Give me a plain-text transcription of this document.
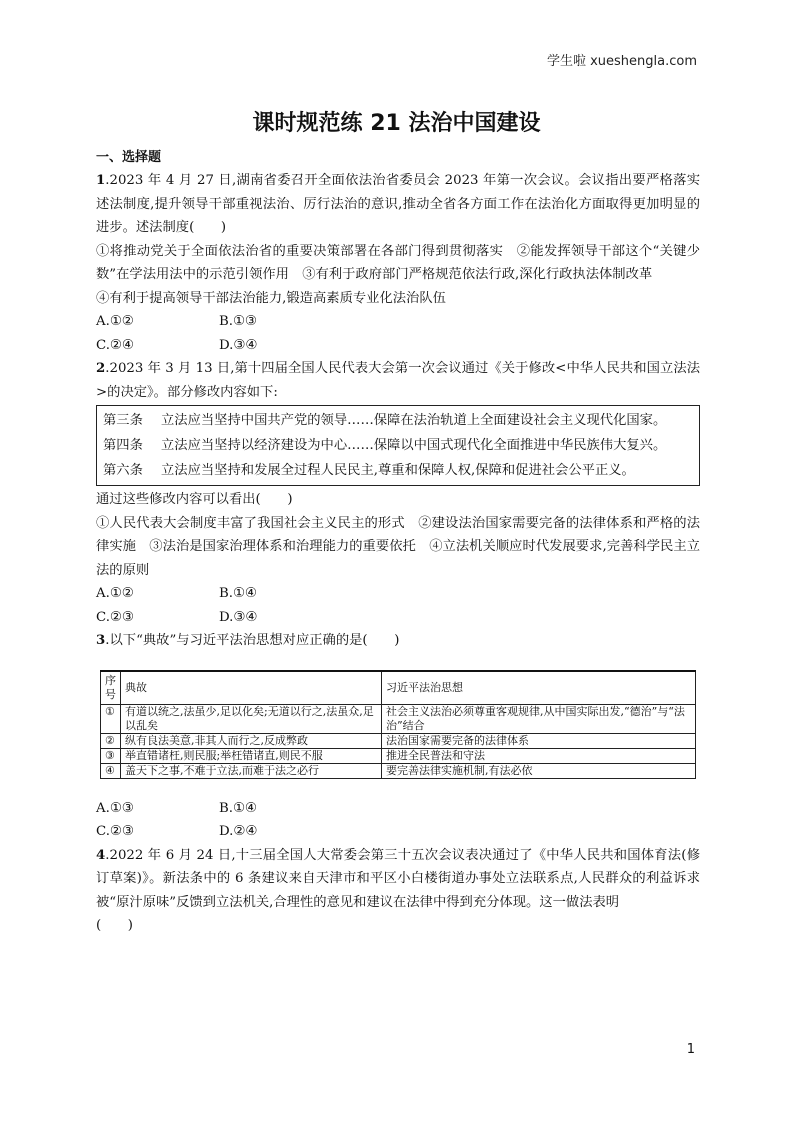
学生啦 xueshengla.com
课时规范练 21 法治中国建设
一、选择题

1.2023 年 4 月 27 日,湖南省委召开全面依法治省委员会 2023 年第一次会议。会议指出要严格落实述法制度,提升领导干部重视法治、厉行法治的意识,推动全省各方面工作在法治化方面取得更加明显的进步。述法制度(　　)

①将推动党关于全面依法治省的重要决策部署在各部门得到贯彻落实　②能发挥领导干部这个“关键少数”在学法用法中的示范引领作用　③有利于政府部门严格规范依法行政,深化行政执法体制改革

④有利于提高领导干部法治能力,锻造高素质专业化法治队伍

A.①②	B.①③
C.②④	D.③④

2.2023 年 3 月 13 日,第十四届全国人民代表大会第一次会议通过《关于修改<中华人民共和国立法法>的决定》。部分修改内容如下:

第三条 立法应当坚持中国共产党的领导……保障在法治轨道上全面建设社会主义现代化国家。

第四条 立法应当坚持以经济建设为中心……保障以中国式现代化全面推进中华民族伟大复兴。

第六条 立法应当坚持和发展全过程人民民主,尊重和保障人权,保障和促进社会公平正义。

通过这些修改内容可以看出(　　)

①人民代表大会制度丰富了我国社会主义民主的形式　②建设法治国家需要完备的法律体系和严格的法律实施　③法治是国家治理体系和治理能力的重要依托　④立法机关顺应时代发展要求,完善科学民主立法的原则

A.①②	B.①④
C.②③	D.③④

3.以下“典故”与习近平法治思想对应正确的是(　　)

序号	典故	习近平法治思想
①	有道以统之,法虽少,足以化矣;无道以行之,法虽众,足以乱矣	社会主义法治必须尊重客观规律,从中国实际出发,“德治”与“法治”结合
②	纵有良法美意,非其人而行之,反成弊政	法治国家需要完备的法律体系
③	举直错诸枉,则民服;举枉错诸直,则民不服	推进全民普法和守法
④	盖天下之事,不难于立法,而难于法之必行	要完善法律实施机制,有法必依
A.①③	B.①④
C.②③	D.②④

4.2022 年 6 月 24 日,十三届全国人大常委会第三十五次会议表决通过了《中华人民共和国体育法(修订草案)》。新法条中的 6 条建议来自天津市和平区小白楼街道办事处立法联系点,人民群众的利益诉求被“原汁原味”反馈到立法机关,合理性的意见和建议在法律中得到充分体现。这一做法表明

(　　)

1
